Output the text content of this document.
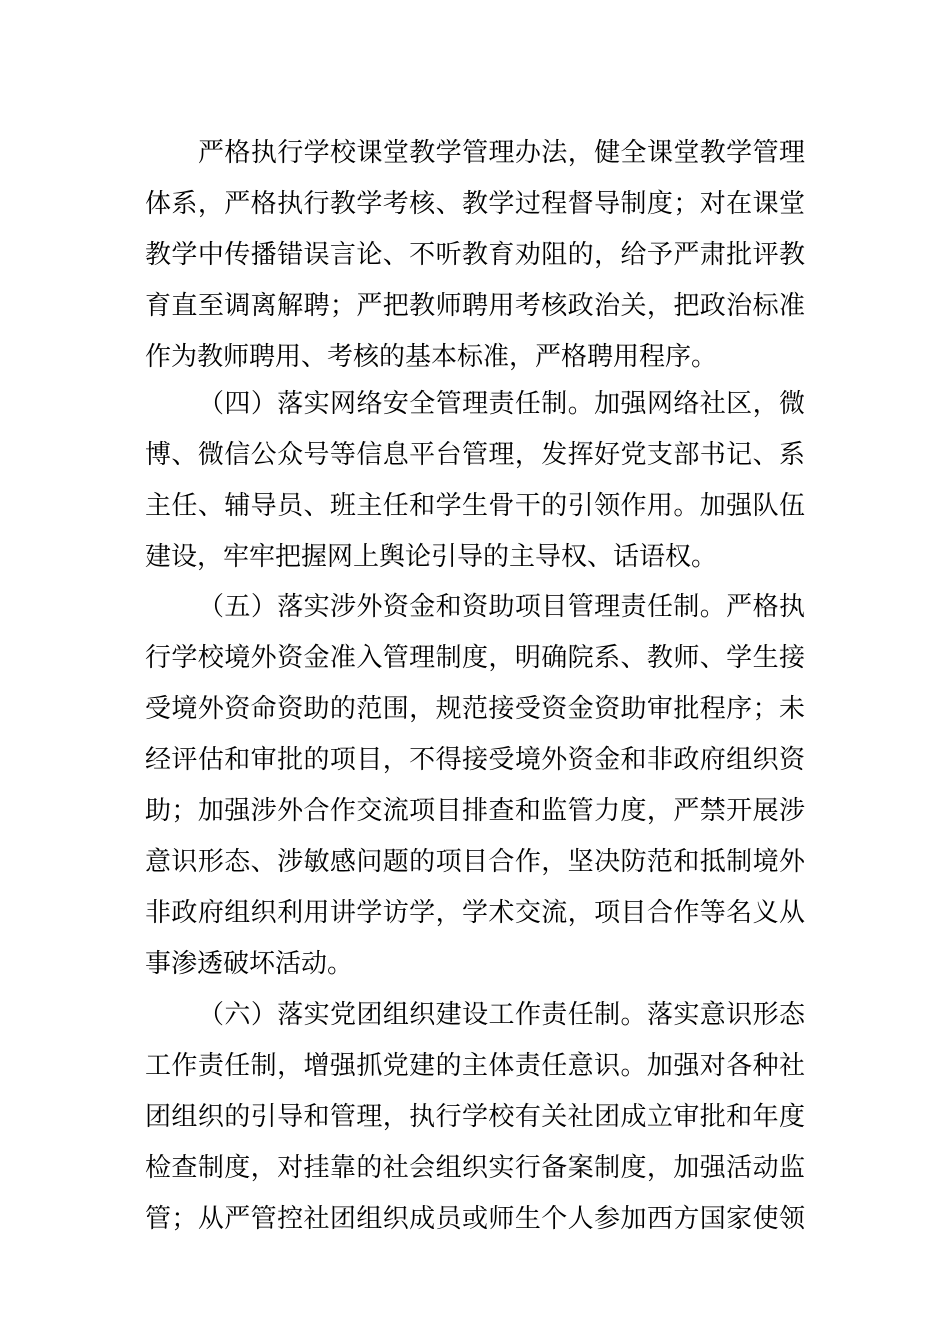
严格执行学校课堂教学管理办法，健全课堂教学管理
体系，严格执行教学考核、教学过程督导制度；对在课堂
教学中传播错误言论、不听教育劝阻的，给予严肃批评教
育直至调离解聘；严把教师聘用考核政治关，把政治标准
作为教师聘用、考核的基本标准，严格聘用程序。
（四）落实网络安全管理责任制。加强网络社区，微
博、微信公众号等信息平台管理，发挥好党支部书记、系
主任、辅导员、班主任和学生骨干的引领作用。加强队伍
建设，牢牢把握网上舆论引导的主导权、话语权。
（五）落实涉外资金和资助项目管理责任制。严格执
行学校境外资金准入管理制度，明确院系、教师、学生接
受境外资命资助的范围，规范接受资金资助审批程序；未
经评估和审批的项目，不得接受境外资金和非政府组织资
助；加强涉外合作交流项目排查和监管力度，严禁开展涉
意识形态、涉敏感问题的项目合作，坚决防范和抵制境外
非政府组织利用讲学访学，学术交流，项目合作等名义从
事渗透破坏活动。
（六）落实党团组织建设工作责任制。落实意识形态
工作责任制，增强抓党建的主体责任意识。加强对各种社
团组织的引导和管理，执行学校有关社团成立审批和年度
检查制度，对挂靠的社会组织实行备案制度，加强活动监
管；从严管控社团组织成员或师生个人参加西方国家使领
